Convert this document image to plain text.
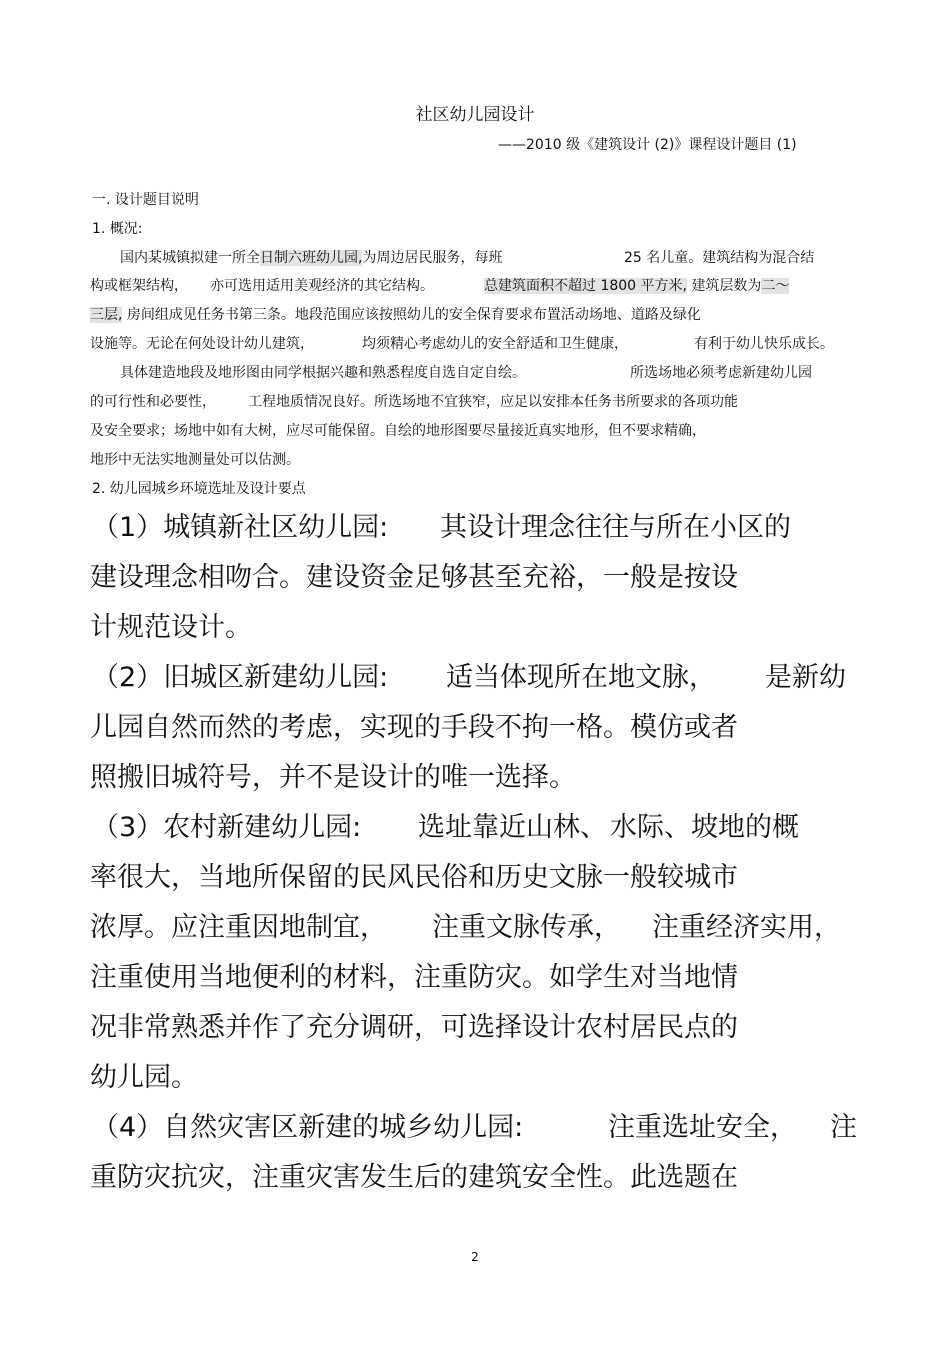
社区幼儿园设计
——2010 级《建筑设计 (2)》课程设计题目 (1)
一. 设计题目说明
1. 概况:
国内某城镇拟建一所全日制六班幼儿园,为周边居民服务，每班	25 名儿童。建筑结构为混合结
构或框架结构， 亦可选用适用美观经济的其它结构。	总建筑面积不超过 1800 平方米, 建筑层数为二～
三层, 房间组成见任务书第三条。地段范围应该按照幼儿的安全保育要求布置活动场地、道路及绿化
设施等。无论在何处设计幼儿建筑，	均须精心考虑幼儿的安全舒适和卫生健康，	有利于幼儿快乐成长。
具体建造地段及地形图由同学根据兴趣和熟悉程度自选自定自绘。	所选场地必须考虑新建幼儿园
的可行性和必要性， 工程地质情况良好。所选场地不宜狭窄，应足以安排本任务书所要求的各项功能
及安全要求；场地中如有大树，应尽可能保留。自绘的地形图要尽量接近真实地形，但不要求精确，
地形中无法实地测量处可以估测。
2. 幼儿园城乡环境选址及设计要点
（1）城镇新社区幼儿园: 其设计理念往往与所在小区的
建设理念相吻合。建设资金足够甚至充裕，一般是按设
计规范设计。
（2）旧城区新建幼儿园: 适当体现所在地文脉， 是新幼
儿园自然而然的考虑，实现的手段不拘一格。模仿或者
照搬旧城符号，并不是设计的唯一选择。
（3）农村新建幼儿园: 选址靠近山林、 水际、坡地的概
率很大，当地所保留的民风民俗和历史文脉一般较城市
浓厚。应注重因地制宜， 注重文脉传承， 注重经济实用，
注重使用当地便利的材料，注重防灾。如学生对当地情
况非常熟悉并作了充分调研，可选择设计农村居民点的
幼儿园。
（4）自然灾害区新建的城乡幼儿园:	注重选址安全， 注
重防灾抗灾，注重灾害发生后的建筑安全性。此选题在
2
